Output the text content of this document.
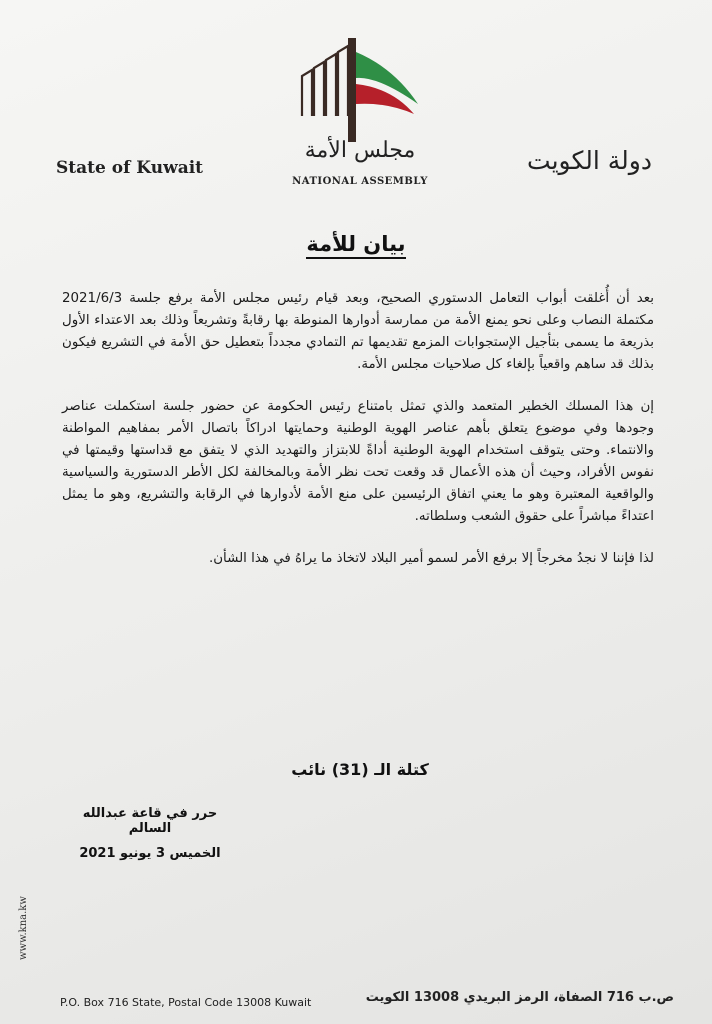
مجلس الأمة
NATIONAL ASSEMBLY
State of Kuwait	دولة الكويت
بيان للأمة

بعد أن أُغلقت أبواب التعامل الدستوري الصحيح، وبعد قيام رئيس مجلس الأمة برفع جلسة 2021/6/3 مكتملة النصاب وعلى نحو يمنع الأمة من ممارسة أدوارها المنوطة بها رقابةً وتشريعاً وذلك بعد الاعتداء الأول بذريعة ما يسمى بتأجيل الإستجوابات المزمع تقديمها تم التمادي مجدداً بتعطيل حق الأمة في التشريع فيكون بذلك قد ساهم واقعياً بإلغاء كل صلاحيات مجلس الأمة.

إن هذا المسلك الخطير المتعمد والذي تمثل بامتناع رئيس الحكومة عن حضور جلسة استكملت عناصر وجودها وفي موضوع يتعلق بأهم عناصر الهوية الوطنية وحمايتها ادراكاً باتصال الأمر بمفاهيم المواطنة والانتماء. وحتى يتوقف استخدام الهوية الوطنية أداةً للابتزاز والتهديد الذي لا يتفق مع قداستها وقيمتها في نفوس الأفراد، وحيث أن هذه الأعمال قد وقعت تحت نظر الأمة وبالمخالفة لكل الأطر الدستورية والسياسية والواقعية المعتبرة وهو ما يعني اتفاق الرئيسين على منع الأمة لأدوارها في الرقابة والتشريع، وهو ما يمثل اعتداءً مباشراً على حقوق الشعب وسلطاته.

لذا فإننا لا نجدُ مخرجاً إلا برفع الأمر لسمو أمير البلاد لاتخاذ ما يراهُ في هذا الشأن.

كتلة الـ (31) نائب
حرر في قاعة عبدالله السالم
الخميس 3 يونيو 2021
www.kna.kw
P.O. Box 716 State, Postal Code 13008 Kuwait	ص.ب 716 الصفاة، الرمز البريدي 13008 الكويت
